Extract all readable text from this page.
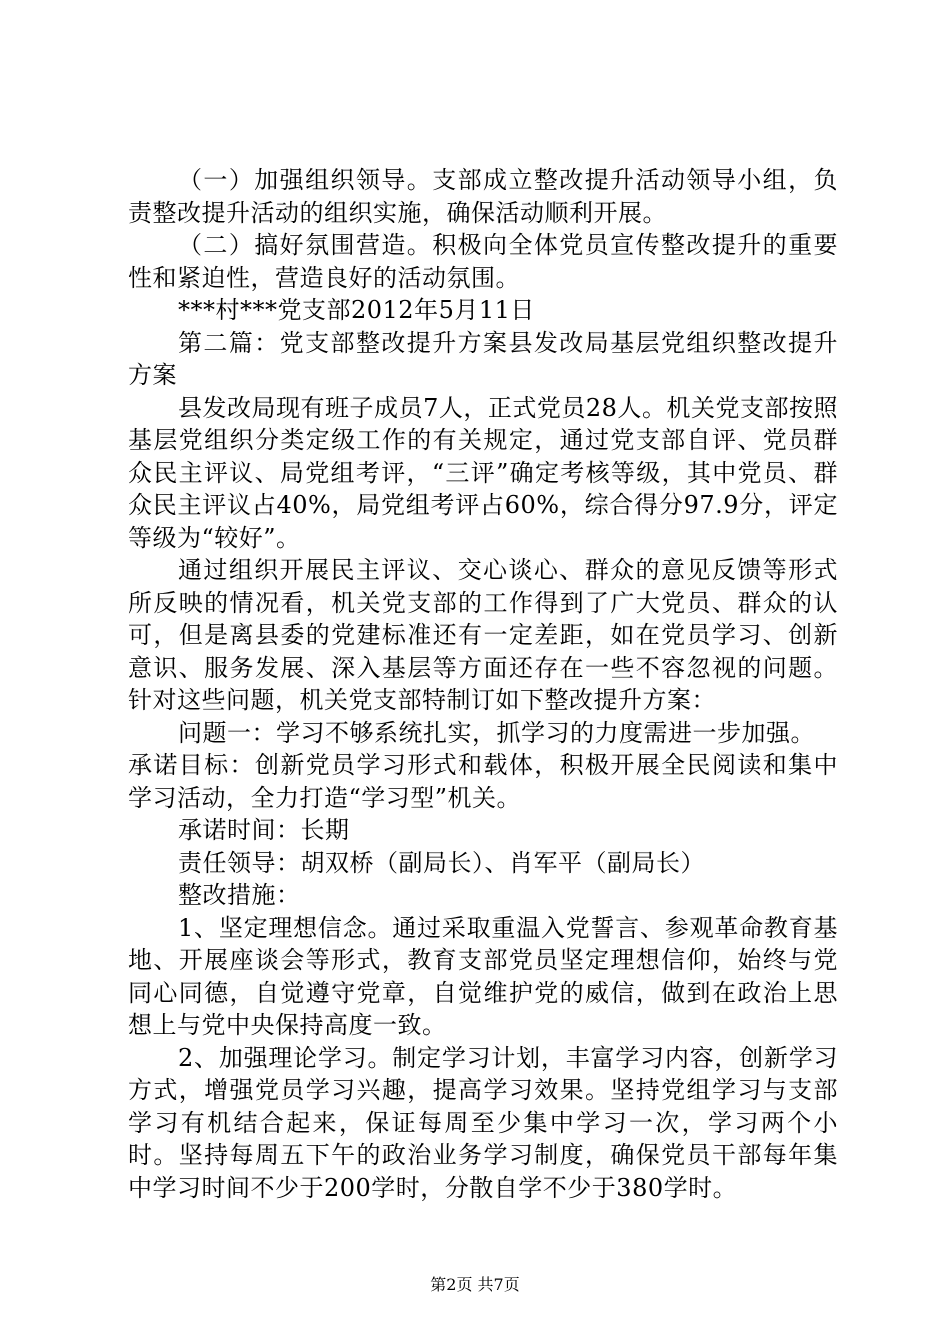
（一）加强组织领导。支部成立整改提升活动领导小组，负责整改提升活动的组织实施，确保活动顺利开展。

（二）搞好氛围营造。积极向全体党员宣传整改提升的重要性和紧迫性，营造良好的活动氛围。

***村***党支部2012年5月11日

第二篇：党支部整改提升方案县发改局基层党组织整改提升方案

县发改局现有班子成员7人，正式党员28人。机关党支部按照基层党组织分类定级工作的有关规定，通过党支部自评、党员群众民主评议、局党组考评，“三评”确定考核等级，其中党员、群众民主评议占40%，局党组考评占60%，综合得分97.9分，评定等级为“较好”。

通过组织开展民主评议、交心谈心、群众的意见反馈等形式所反映的情况看，机关党支部的工作得到了广大党员、群众的认可，但是离县委的党建标准还有一定差距，如在党员学习、创新意识、服务发展、深入基层等方面还存在一些不容忽视的问题。针对这些问题，机关党支部特制订如下整改提升方案：

问题一：学习不够系统扎实，抓学习的力度需进一步加强。

承诺目标：创新党员学习形式和载体，积极开展全民阅读和集中学习活动，全力打造“学习型”机关。

承诺时间：长期

责任领导：胡双桥（副局长）、肖军平（副局长）

整改措施：

1、坚定理想信念。通过采取重温入党誓言、参观革命教育基地、开展座谈会等形式，教育支部党员坚定理想信仰，始终与党同心同德，自觉遵守党章，自觉维护党的威信，做到在政治上思想上与党中央保持高度一致。

2、加强理论学习。制定学习计划，丰富学习内容，创新学习方式，增强党员学习兴趣，提高学习效果。坚持党组学习与支部学习有机结合起来，保证每周至少集中学习一次，学习两个小时。坚持每周五下午的政治业务学习制度，确保党员干部每年集中学习时间不少于200学时，分散自学不少于380学时。

第2页 共7页
